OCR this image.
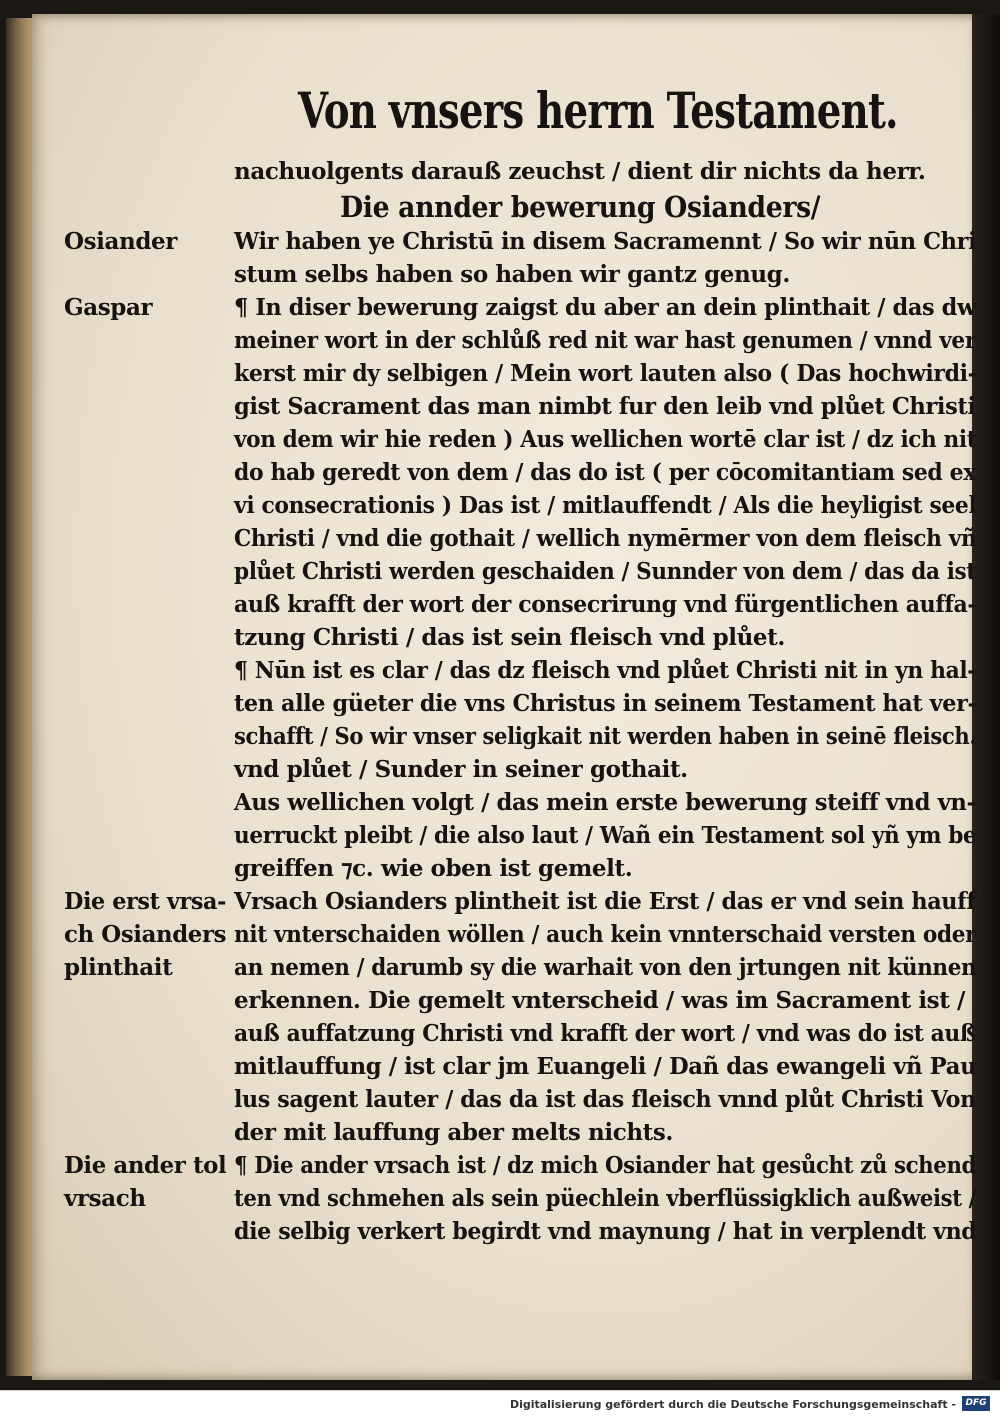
Von vnsers herrn Testament.
nachuolgents darauß zeuchst / dient dir nichts da herr.
Die annder bewerung Osianders/
Wir haben ye Christū in disem Sacramennt / So wir nūn Chri
stum selbs haben so haben wir gantz genug.
¶ In diser bewerung zaigst du aber an dein plinthait / das dw
meiner wort in der schlůß red nit war hast genumen / vnnd ver
kerst mir dy selbigen / Mein wort lauten also ( Das hochwirdi-
gist Sacrament das man nimbt fur den leib vnd plůet Christi
von dem wir hie reden ) Aus wellichen wortē clar ist / dz ich nit
do hab geredt von dem / das do ist ( per cōcomitantiam sed ex
vi consecrationis ) Das ist / mitlauffendt / Als die heyligist seel
Christi / vnd die gothait / wellich nymērmer von dem fleisch vñ
plůet Christi werden geschaiden / Sunnder von dem / das da ist
auß krafft der wort der consecrirung vnd fürgentlichen auffa-
tzung Christi / das ist sein fleisch vnd plůet.
¶ Nūn ist es clar / das dz fleisch vnd plůet Christi nit in yn hal-
ten alle güeter die vns Christus in seinem Testament hat ver-
schafft / So wir vnser seligkait nit werden haben in seinē fleisch.
vnd plůet / Sunder in seiner gothait.
Aus wellichen volgt / das mein erste bewerung steiff vnd vn-
uerruckt pleibt / die also laut / Wañ ein Testament sol yñ ym be
greiffen ⁊c. wie oben ist gemelt.
Vrsach Osianders plintheit ist die Erst / das er vnd sein hauff
nit vnterschaiden wöllen / auch kein vnnterschaid versten oder
an nemen / darumb sy die warhait von den jrtungen nit künnen
erkennen. Die gemelt vnterscheid / was im Sacrament ist /
auß auffatzung Christi vnd krafft der wort / vnd was do ist auß
mitlauffung / ist clar jm Euangeli / Dañ das ewangeli vñ Pau
lus sagent lauter / das da ist das fleisch vnnd plůt Christi Von
der mit lauffung aber melts nichts.
¶ Die ander vrsach ist / dz mich Osiander hat gesůcht zů schend
ten vnd schmehen als sein püechlein vberflüssigklich außweist /
die selbig verkert begirdt vnd maynung / hat in verplendt vnd
Osiander
Gaspar
Die erst vrsa-
ch Osianders
plinthait
Die ander tol
vrsach
Digitalisierung gefördert durch die Deutsche Forschungsgemeinschaft -	DFG
